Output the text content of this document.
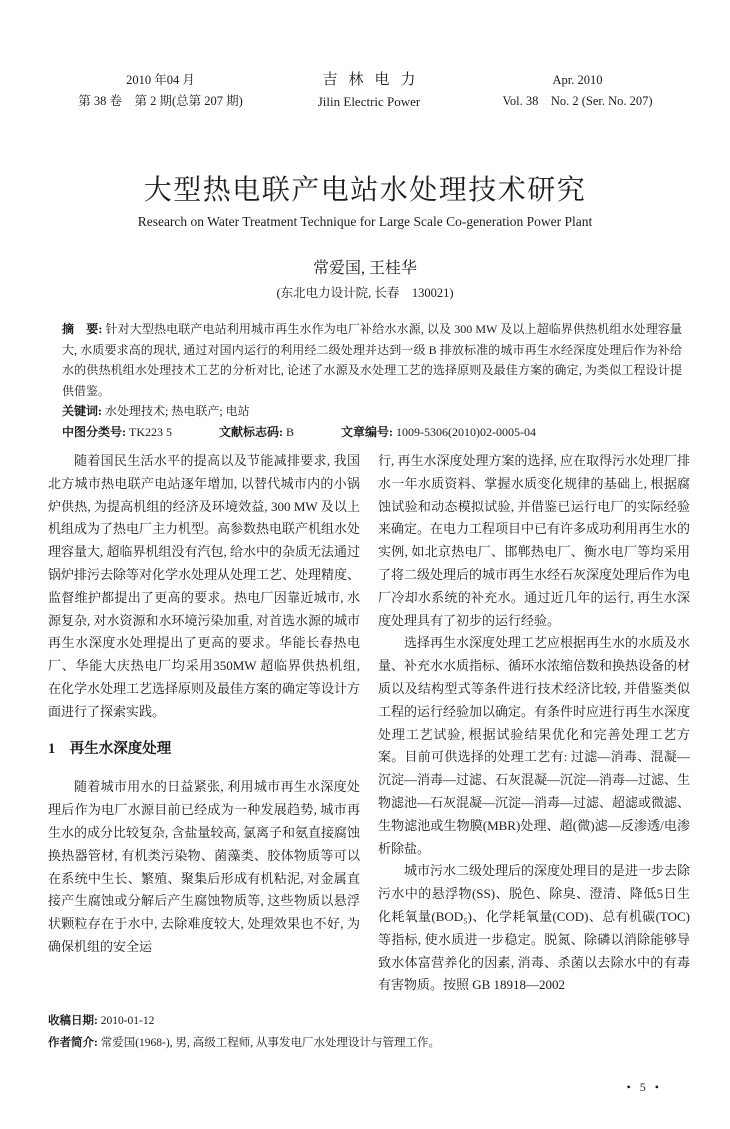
2010 年04 月
第 38 卷　第 2 期(总第 207 期)
吉林电力
Jilin Electric Power
Apr. 2010
Vol. 38　No. 2 (Ser. No. 207)
大型热电联产电站水处理技术研究
Research on Water Treatment Technique for Large Scale Co-generation Power Plant
常爱国, 王桂华
(东北电力设计院, 长春　130021)
摘　要: 针对大型热电联产电站利用城市再生水作为电厂补给水水源, 以及 300 MW 及以上超临界供热机组水处理容量大, 水质要求高的现状, 通过对国内运行的利用经二级处理并达到一级 B 排放标准的城市再生水经深度处理后作为补给水的供热机组水处理技术工艺的分析对比, 论述了水源及水处理工艺的选择原则及最佳方案的确定, 为类似工程设计提供借鉴。
关键词: 水处理技术; 热电联产; 电站
中图分类号: TK223 5	文献标志码: B	文章编号: 1009-5306(2010)02-0005-04

随着国民生活水平的提高以及节能减排要求, 我国北方城市热电联产电站逐年增加, 以替代城市内的小锅炉供热, 为提高机组的经济及环境效益, 300 MW 及以上机组成为了热电厂主力机型。高参数热电联产机组水处理容量大, 超临界机组没有汽包, 给水中的杂质无法通过锅炉排污去除等对化学水处理从处理工艺、处理精度、监督维护都提出了更高的要求。热电厂因靠近城市, 水源复杂, 对水资源和水环境污染加重, 对首选水源的城市再生水深度水处理提出了更高的要求。华能长春热电厂、华能大庆热电厂均采用350MW 超临界供热机组, 在化学水处理工艺选择原则及最佳方案的确定等设计方面进行了探索实践。

1　再生水深度处理

随着城市用水的日益紧张, 利用城市再生水深度处理后作为电厂水源目前已经成为一种发展趋势, 城市再生水的成分比较复杂, 含盐量较高, 氯离子和氨直接腐蚀换热器管材, 有机类污染物、菌藻类、胶体物质等可以在系统中生长、繁殖、聚集后形成有机粘泥, 对金属直接产生腐蚀或分解后产生腐蚀物质等, 这些物质以悬浮状颗粒存在于水中, 去除难度较大, 处理效果也不好, 为确保机组的安全运

行, 再生水深度处理方案的选择, 应在取得污水处理厂排水一年水质资料、掌握水质变化规律的基础上, 根据腐蚀试验和动态模拟试验, 并借鉴已运行电厂的实际经验来确定。在电力工程项目中已有许多成功利用再生水的实例, 如北京热电厂、邯郸热电厂、衡水电厂等均采用了将二级处理后的城市再生水经石灰深度处理后作为电厂冷却水系统的补充水。通过近几年的运行, 再生水深度处理具有了初步的运行经验。

选择再生水深度处理工艺应根据再生水的水质及水量、补充水水质指标、循环水浓缩倍数和换热设备的材质以及结构型式等条件进行技术经济比较, 并借鉴类似工程的运行经验加以确定。有条件时应进行再生水深度处理工艺试验, 根据试验结果优化和完善处理工艺方案。目前可供选择的处理工艺有: 过滤—消毒、混凝—沉淀—消毒—过滤、石灰混凝—沉淀—消毒—过滤、生物滤池—石灰混凝—沉淀—消毒—过滤、超滤或微滤、生物滤池或生物膜(MBR)处理、超(微)滤—反渗透/电渗析除盐。

城市污水二级处理后的深度处理目的是进一步去除污水中的悬浮物(SS)、脱色、除臭、澄清、降低5日生化耗氧量(BOD₅)、化学耗氧量(COD)、总有机碳(TOC)等指标, 使水质进一步稳定。脱氮、除磷以消除能够导致水体富营养化的因素, 消毒、杀菌以去除水中的有毒有害物质。按照 GB 18918—2002

收稿日期: 2010-01-12
作者简介: 常爱国(1968-), 男, 高级工程师, 从事发电厂水处理设计与管理工作。
• 5 •
